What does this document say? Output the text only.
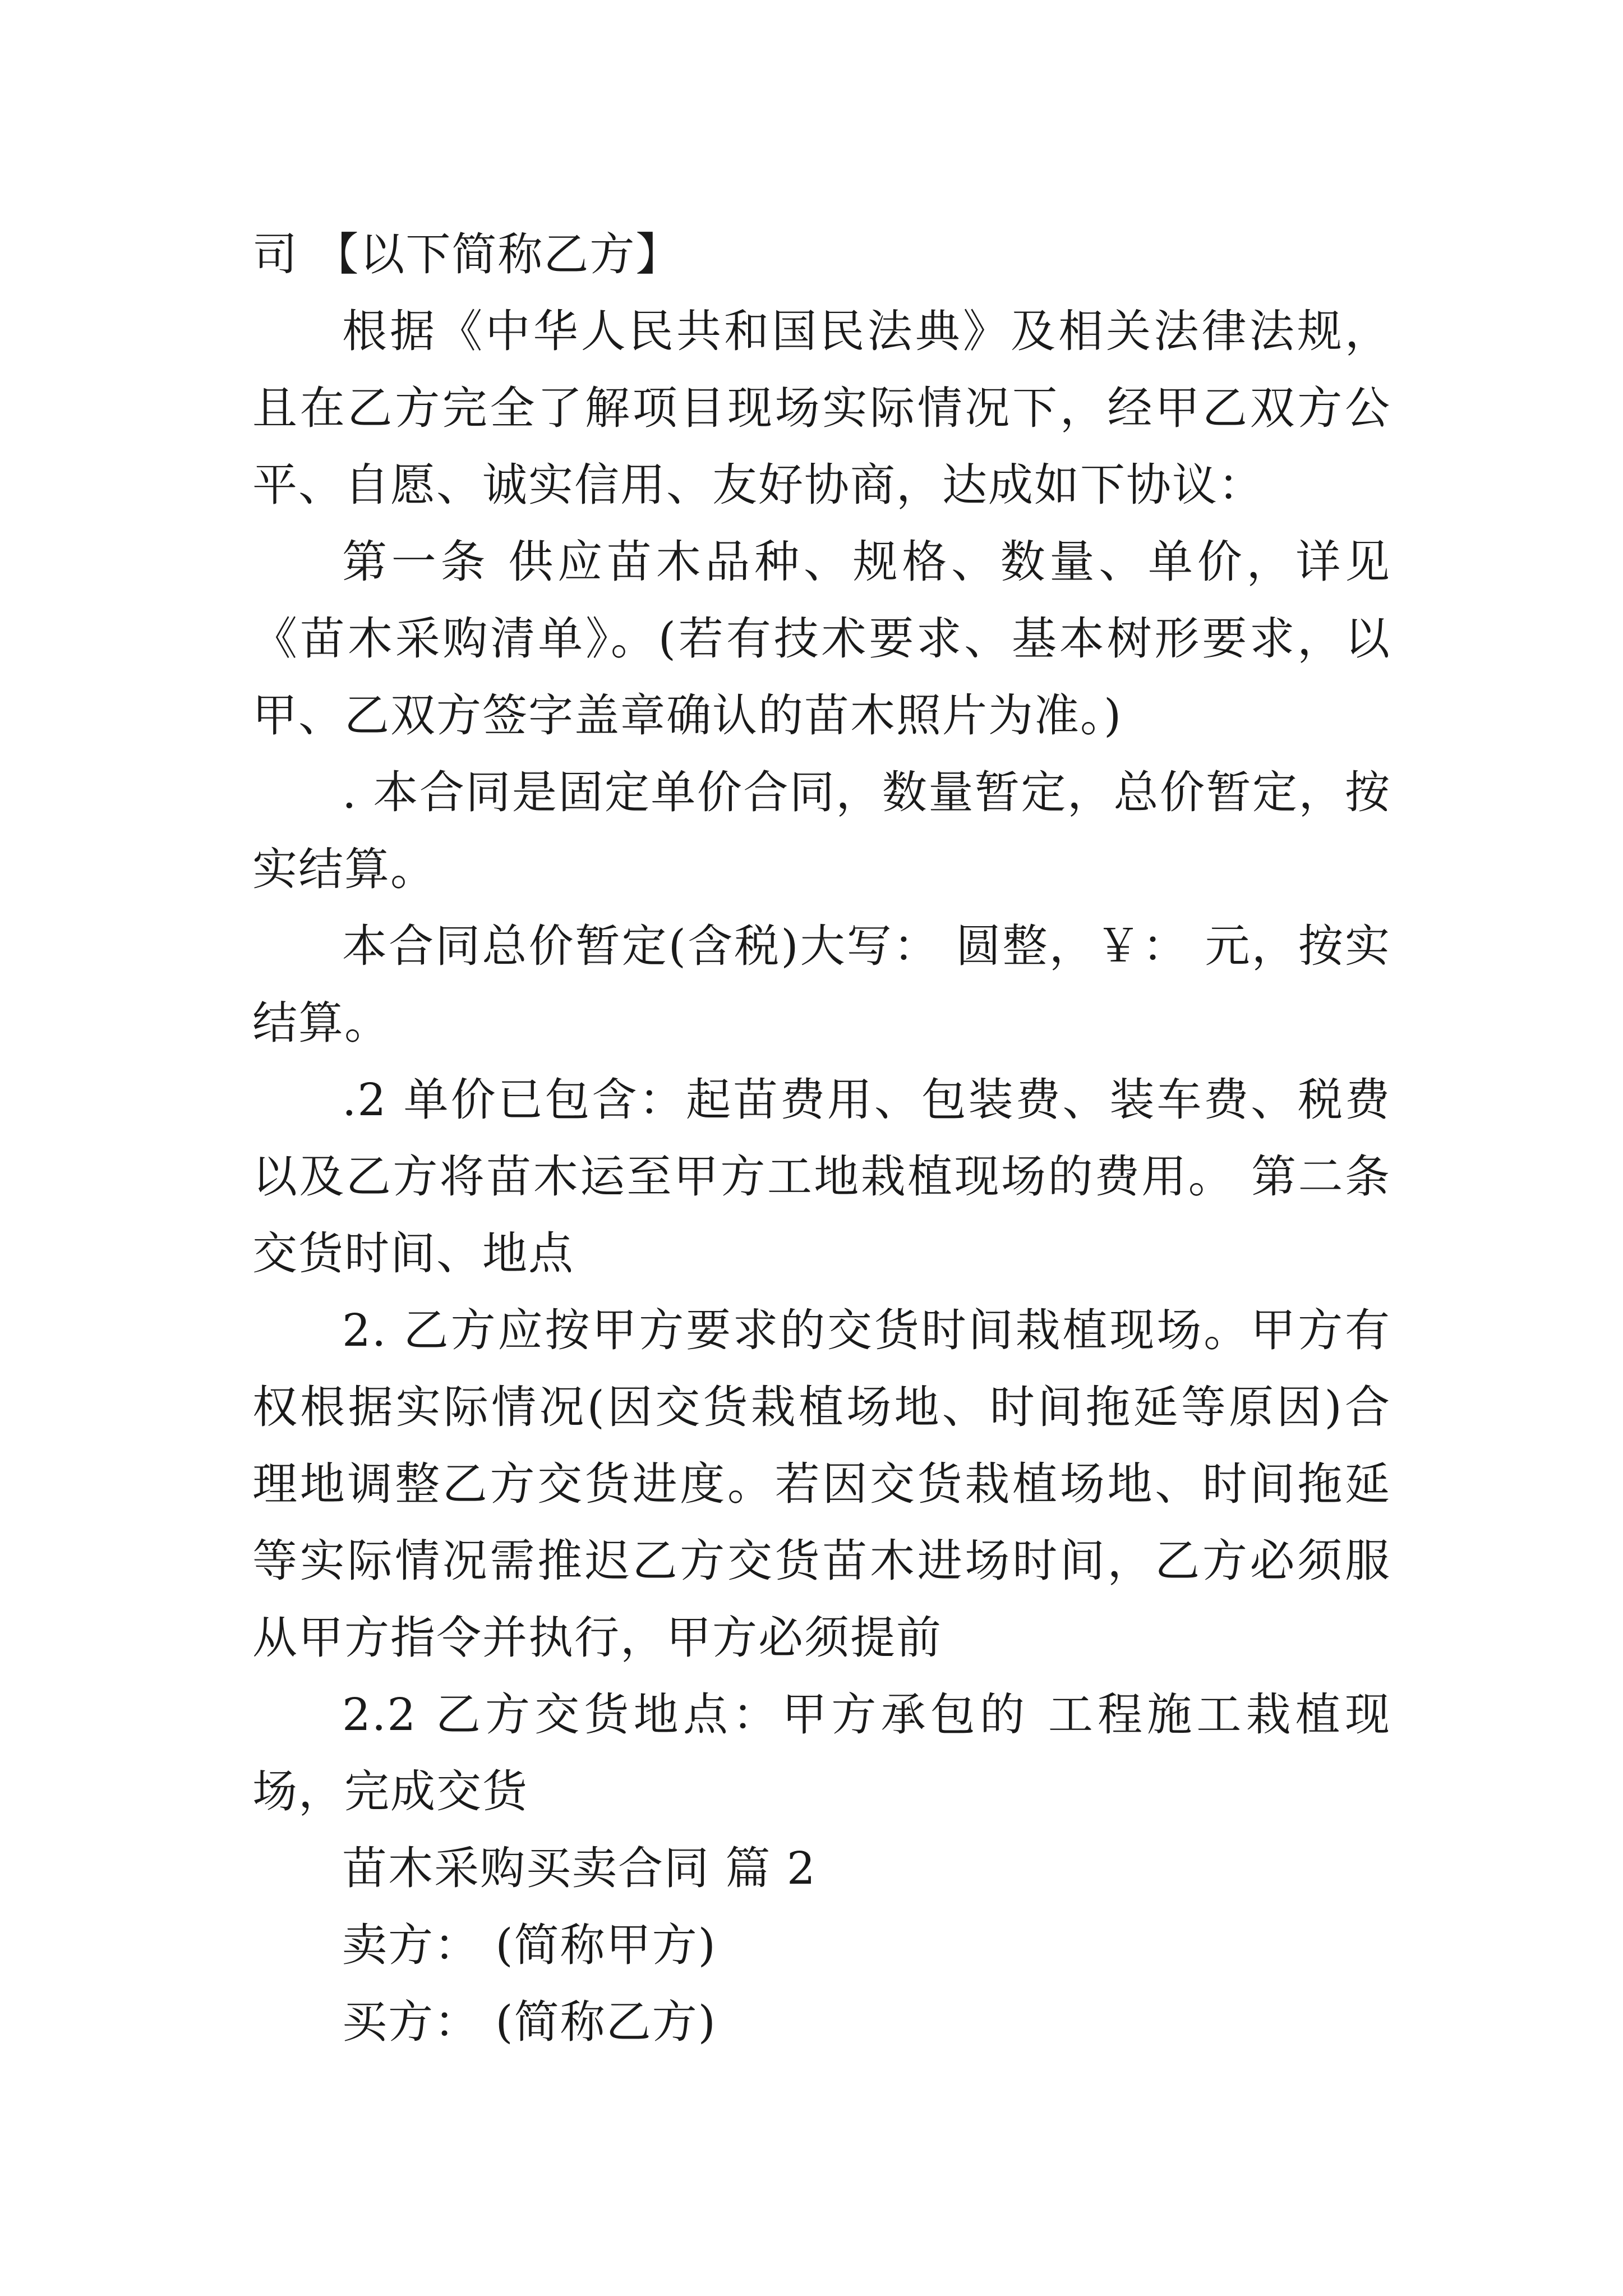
司 【以下简称乙方】

根据《中华人民共和国民法典》及相关法律法规，且在乙方完全了解项目现场实际情况下，经甲乙双方公平、自愿、诚实信用、友好协商，达成如下协议：

第一条 供应苗木品种、规格、数量、单价，详见《苗木采购清单》。(若有技术要求、基本树形要求，以甲、乙双方签字盖章确认的苗木照片为准。)

. 本合同是固定单价合同，数量暂定，总价暂定，按实结算。

本合同总价暂定(含税)大写： 圆整，￥： 元，按实结算。

.2 单价已包含：起苗费用、包装费、装车费、税费以及乙方将苗木运至甲方工地栽植现场的费用。 第二条 交货时间、地点

2. 乙方应按甲方要求的交货时间栽植现场。甲方有权根据实际情况(因交货栽植场地、时间拖延等原因)合理地调整乙方交货进度。若因交货栽植场地、时间拖延等实际情况需推迟乙方交货苗木进场时间，乙方必须服从甲方指令并执行，甲方必须提前

2.2 乙方交货地点：甲方承包的 工程施工栽植现场，完成交货

苗木采购买卖合同 篇 2

卖方： (简称甲方)

买方： (简称乙方)
